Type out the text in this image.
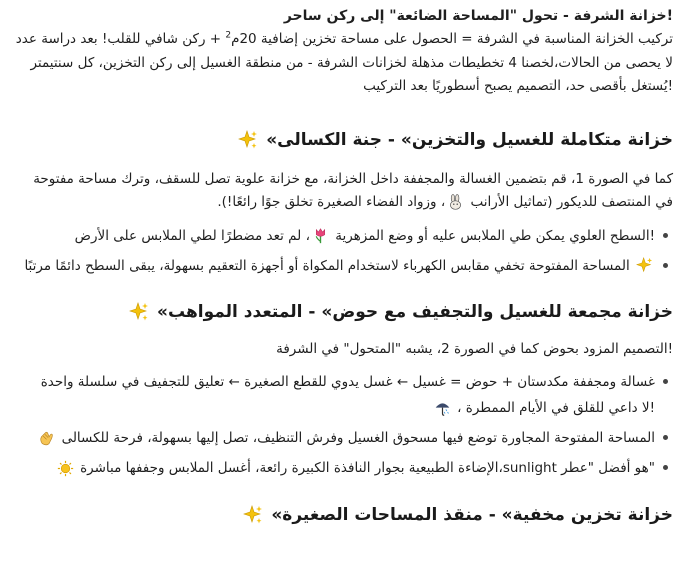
!خزانة الشرفة - تحول "المساحة الضائعة" إلى ركن ساحر

تركيب الخزانة المناسبة في الشرفة = الحصول على مساحة تخزين إضافية 20م$^2$ + ركن شافي للقلب! بعد دراسة عدد
لا يحصى من الحالات،لخصنا 4 تخطيطات مذهلة لخزانات الشرفة - من منطقة الغسيل إلى ركن التخزين، كل سنتيمتر
!يُستغل بأقصى حد، التصميم يصبح أسطوريًا بعد التركيب

خزانة متكاملة للغسيل والتخزين» - جنة الكسالى»

كما في الصورة 1، قم بتضمين الغسالة والمجففة داخل الخزانة، مع خزانة علوية تصل للسقف، وترك مساحة مفتوحة
في المنتصف للديكور (تماثيل الأرانب ، وزواد الفضاء الصغيرة تخلق جوًا رائعًا!).

!السطح العلوي يمكن طي الملابس عليه أو وضع المزهرية ، لم تعد مضطرًا لطي الملابس على الأرض
المساحة المفتوحة تخفي مقابس الكهرباء لاستخدام المكواة أو أجهزة التعقيم بسهولة، يبقى السطح دائمًا مرتبًا
خزانة مجمعة للغسيل والتجفيف مع حوض» - المتعدد المواهب»

!التصميم المزود بحوض كما في الصورة 2، يشبه "المتحول" في الشرفة

غسالة ومجففة مكدستان + حوض = غسيل ← غسل يدوي للقطع الصغيرة ← تعليق للتجفيف في سلسلة واحدة
!لا داعي للقلق في الأيام الممطرة ،
المساحة المفتوحة المجاورة توضع فيها مسحوق الغسيل وفرش التنظيف، تصل إليها بسهولة، فرحة للكسالى
"هو أفضل "عطر sunlight،الإضاءة الطبيعية بجوار النافذة الكبيرة رائعة، أغسل الملابس وجففها مباشرة
خزانة تخزين مخفية» - منقذ المساحات الصغيرة»
